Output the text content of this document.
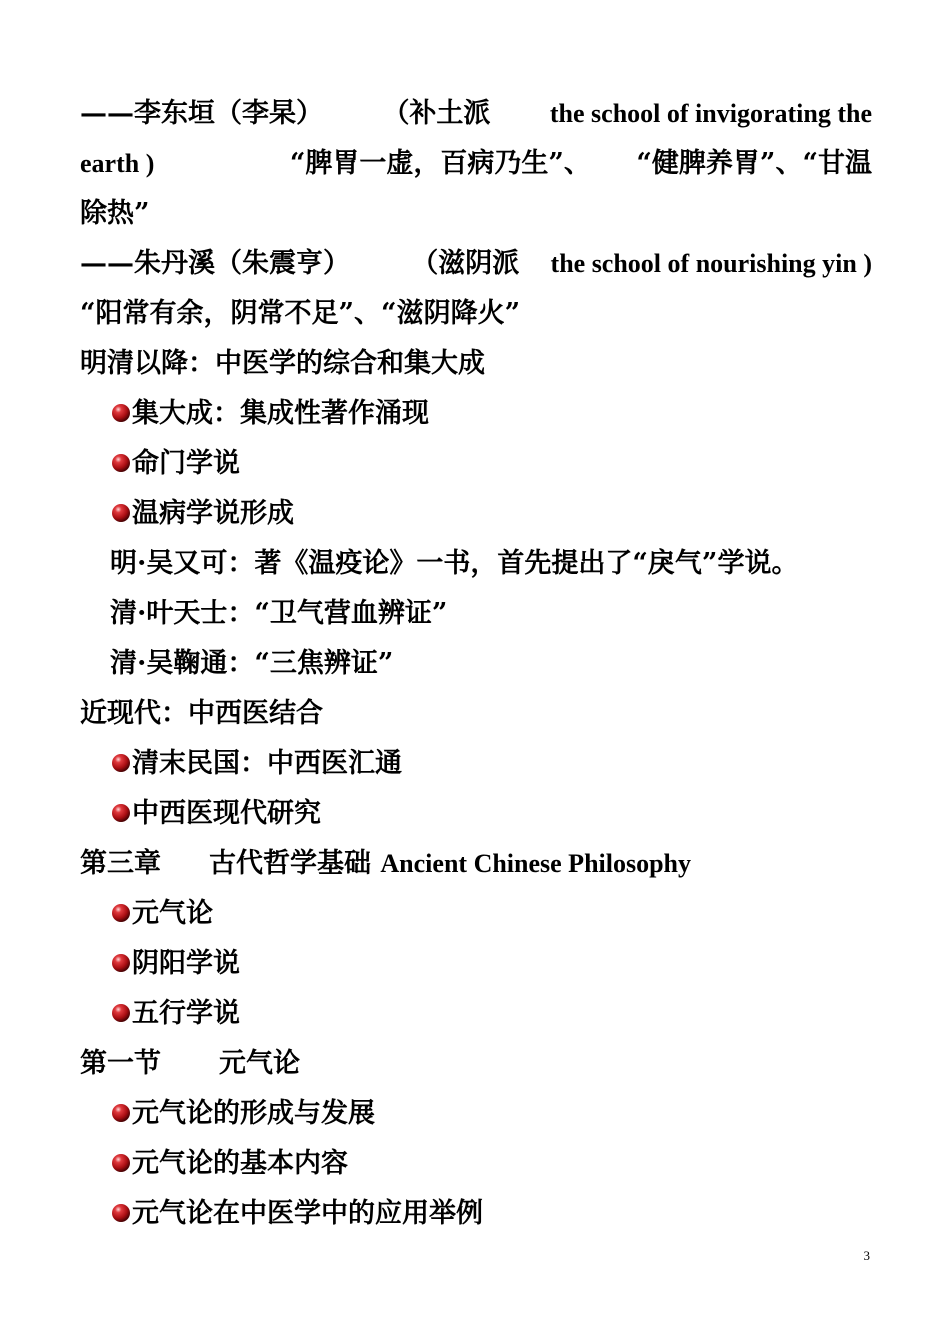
——李东垣（李杲） （补土派 the school of invigorating the
earth )	“脾胃一虚，百病乃生”、 “健脾养胃”、“甘温
除热”
——朱丹溪（朱震亨） （滋阴派 the school of nourishing yin )
“阳常有余，阴常不足”、“滋阴降火”
明清以降：中医学的综合和集大成
集大成：集成性著作涌现
命门学说
温病学说形成
明·吴又可：著《温疫论》一书，首先提出了“戾气”学说。
清·叶天士：“卫气营血辨证”
清·吴鞠通：“三焦辨证”
近现代：中西医结合
清末民国：中西医汇通
中西医现代研究
第三章 古代哲学基础 Ancient Chinese Philosophy
元气论
阴阳学说
五行学说
第一节 元气论
元气论的形成与发展
元气论的基本内容
元气论在中医学中的应用举例
3
